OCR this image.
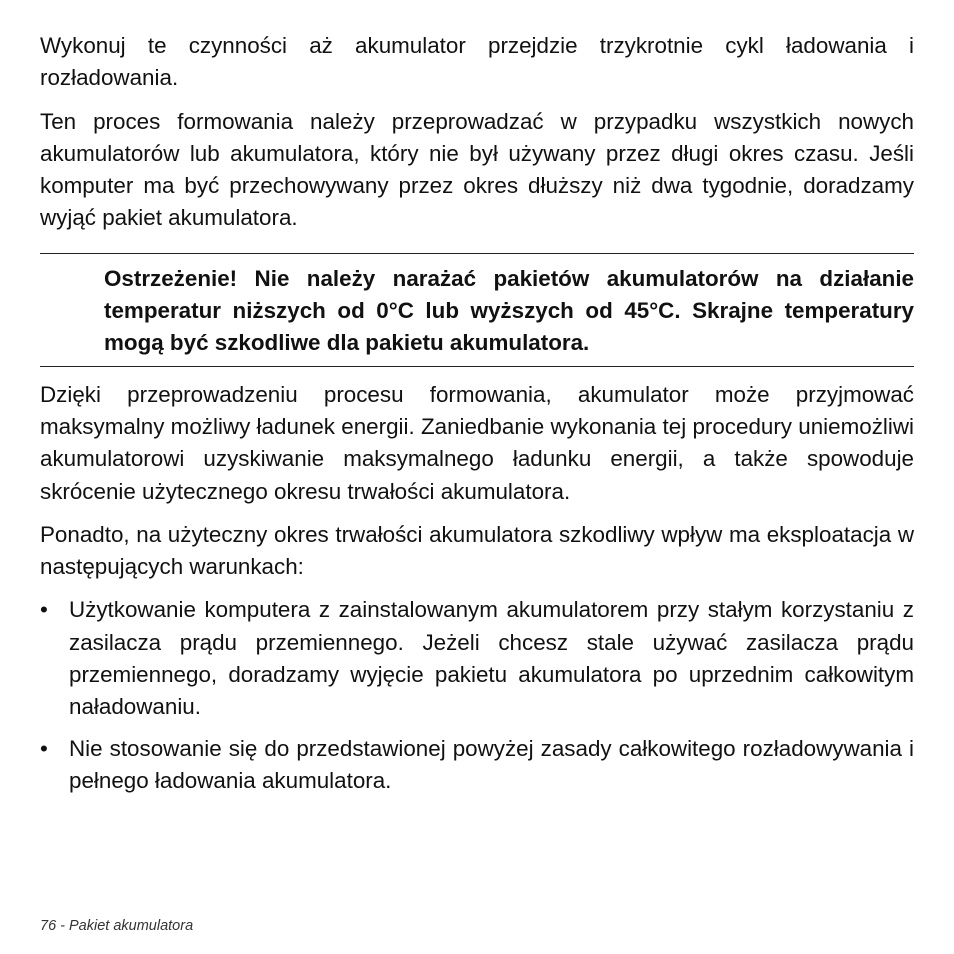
Wykonuj te czynności aż akumulator przejdzie trzykrotnie cykl ładowania i rozładowania.

Ten proces formowania należy przeprowadzać w przypadku wszystkich nowych akumulatorów lub akumulatora, który nie był używany przez długi okres czasu. Jeśli komputer ma być przechowywany przez okres dłuższy niż dwa tygodnie, doradzamy wyjąć pakiet akumulatora.

Ostrzeżenie! Nie należy narażać pakietów akumulatorów na działanie temperatur niższych od 0°C lub wyższych od 45°C. Skrajne temperatury mogą być szkodliwe dla pakietu akumulatora.

Dzięki przeprowadzeniu procesu formowania, akumulator może przyjmować maksymalny możliwy ładunek energii. Zaniedbanie wykonania tej procedury uniemożliwi akumulatorowi uzyskiwanie maksymalnego ładunku energii, a także spowoduje skrócenie użytecznego okresu trwałości akumulatora.

Ponadto, na użyteczny okres trwałości akumulatora szkodliwy wpływ ma eksploatacja w następujących warunkach:

• Użytkowanie komputera z zainstalowanym akumulatorem przy stałym korzystaniu z zasilacza prądu przemiennego. Jeżeli chcesz stale używać zasilacza prądu przemiennego, doradzamy wyjęcie pakietu akumulatora po uprzednim całkowitym naładowaniu.

• Nie stosowanie się do przedstawionej powyżej zasady całkowitego rozładowywania i pełnego ładowania akumulatora.

76 - Pakiet akumulatora
